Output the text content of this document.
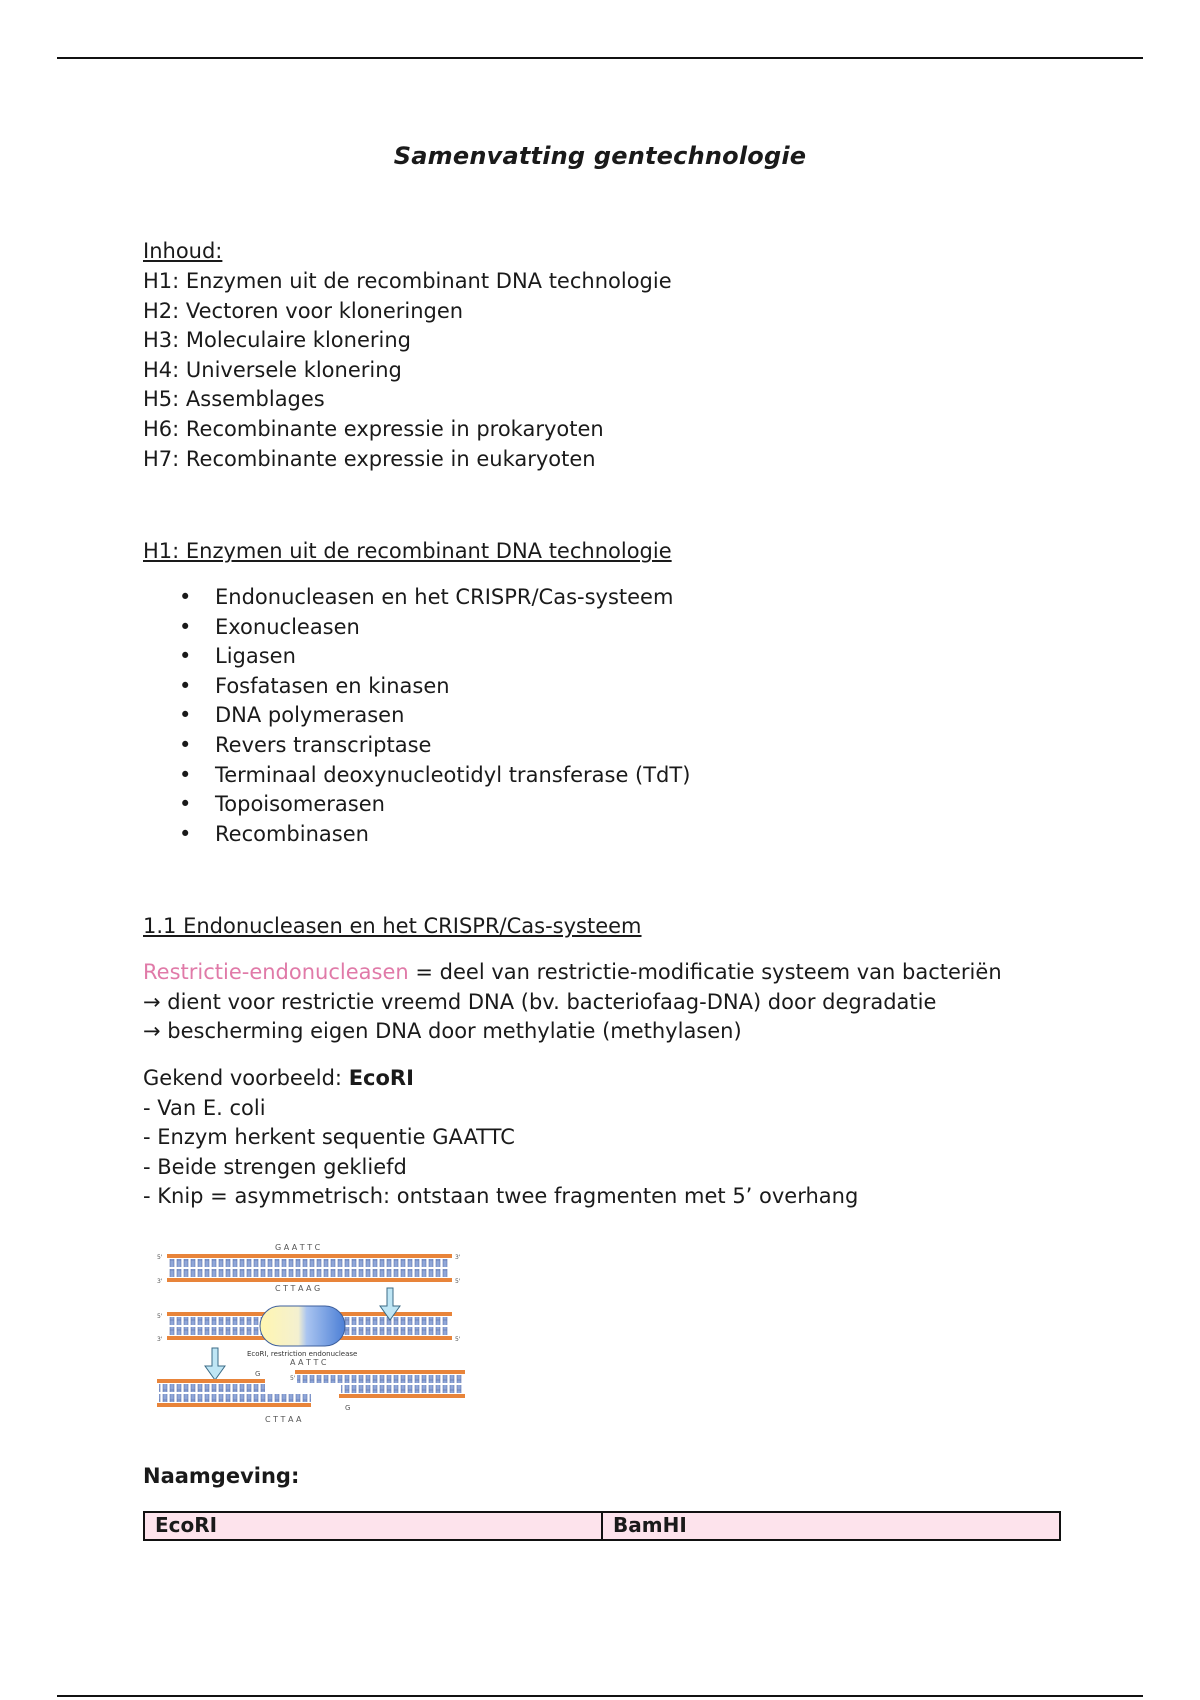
Samenvatting gentechnologie
Inhoud:
H1: Enzymen uit de recombinant DNA technologie
H2: Vectoren voor kloneringen
H3: Moleculaire klonering
H4: Universele klonering
H5: Assemblages
H6: Recombinante expressie in prokaryoten
H7: Recombinante expressie in eukaryoten
H1: Enzymen uit de recombinant DNA technologie
• Endonucleasen en het CRISPR/Cas-systeem
• Exonucleasen
• Ligasen
• Fosfatasen en kinasen
• DNA polymerasen
• Revers transcriptase
• Terminaal deoxynucleotidyl transferase (TdT)
• Topoisomerasen
• Recombinasen
1.1 Endonucleasen en het CRISPR/Cas-systeem
Restrictie-endonucleasen = deel van restrictie-modificatie systeem van bacteriën
→ dient voor restrictie vreemd DNA (bv. bacteriofaag-DNA) door degradatie
→ bescherming eigen DNA door methylatie (methylasen)
Gekend voorbeeld: EcoRI
- Van E. coli
- Enzym herkent sequentie GAATTC
- Beide strengen gekliefd
- Knip = asymmetrisch: ontstaan twee fragmenten met 5’ overhang
Naamgeving:
G A A T T C
5'	3'
3'	5'
C T T A A G
5'
3'	5'
EcoRI, restriction endonuclease
A A T T C
G
5'
G
C T T A A
EcoRI	BamHI
